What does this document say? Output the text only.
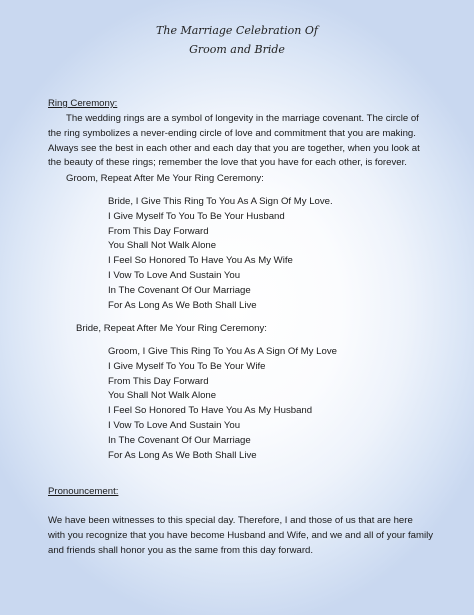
The Marriage Celebration Of
Groom and Bride
Ring Ceremony:
The wedding rings are a symbol of longevity in the marriage covenant. The circle of
the ring symbolizes a never-ending circle of love and commitment that you are making.
Always see the best in each other and each day that you are together, when you look at
the beauty of these rings; remember the love that you have for each other, is forever.
Groom, Repeat After Me Your Ring Ceremony:
Bride, I Give This Ring To You As A Sign Of My Love.
I Give Myself To You To Be Your Husband
From This Day Forward
You Shall Not Walk Alone
I Feel So Honored To Have You As My Wife
I Vow To Love And Sustain You
In The Covenant Of Our Marriage
For As Long As We Both Shall Live
Bride, Repeat After Me Your Ring Ceremony:
Groom, I Give This Ring To You As A Sign Of My Love
I Give Myself To You To Be Your Wife
From This Day Forward
You Shall Not Walk Alone
I Feel So Honored To Have You As My Husband
I Vow To Love And Sustain You
In The Covenant Of Our Marriage
For As Long As We Both Shall Live
Pronouncement:
We have been witnesses to this special day. Therefore, I and those of us that are here
with you recognize that you have become Husband and Wife, and we and all of your family
and friends shall honor you as the same from this day forward.
